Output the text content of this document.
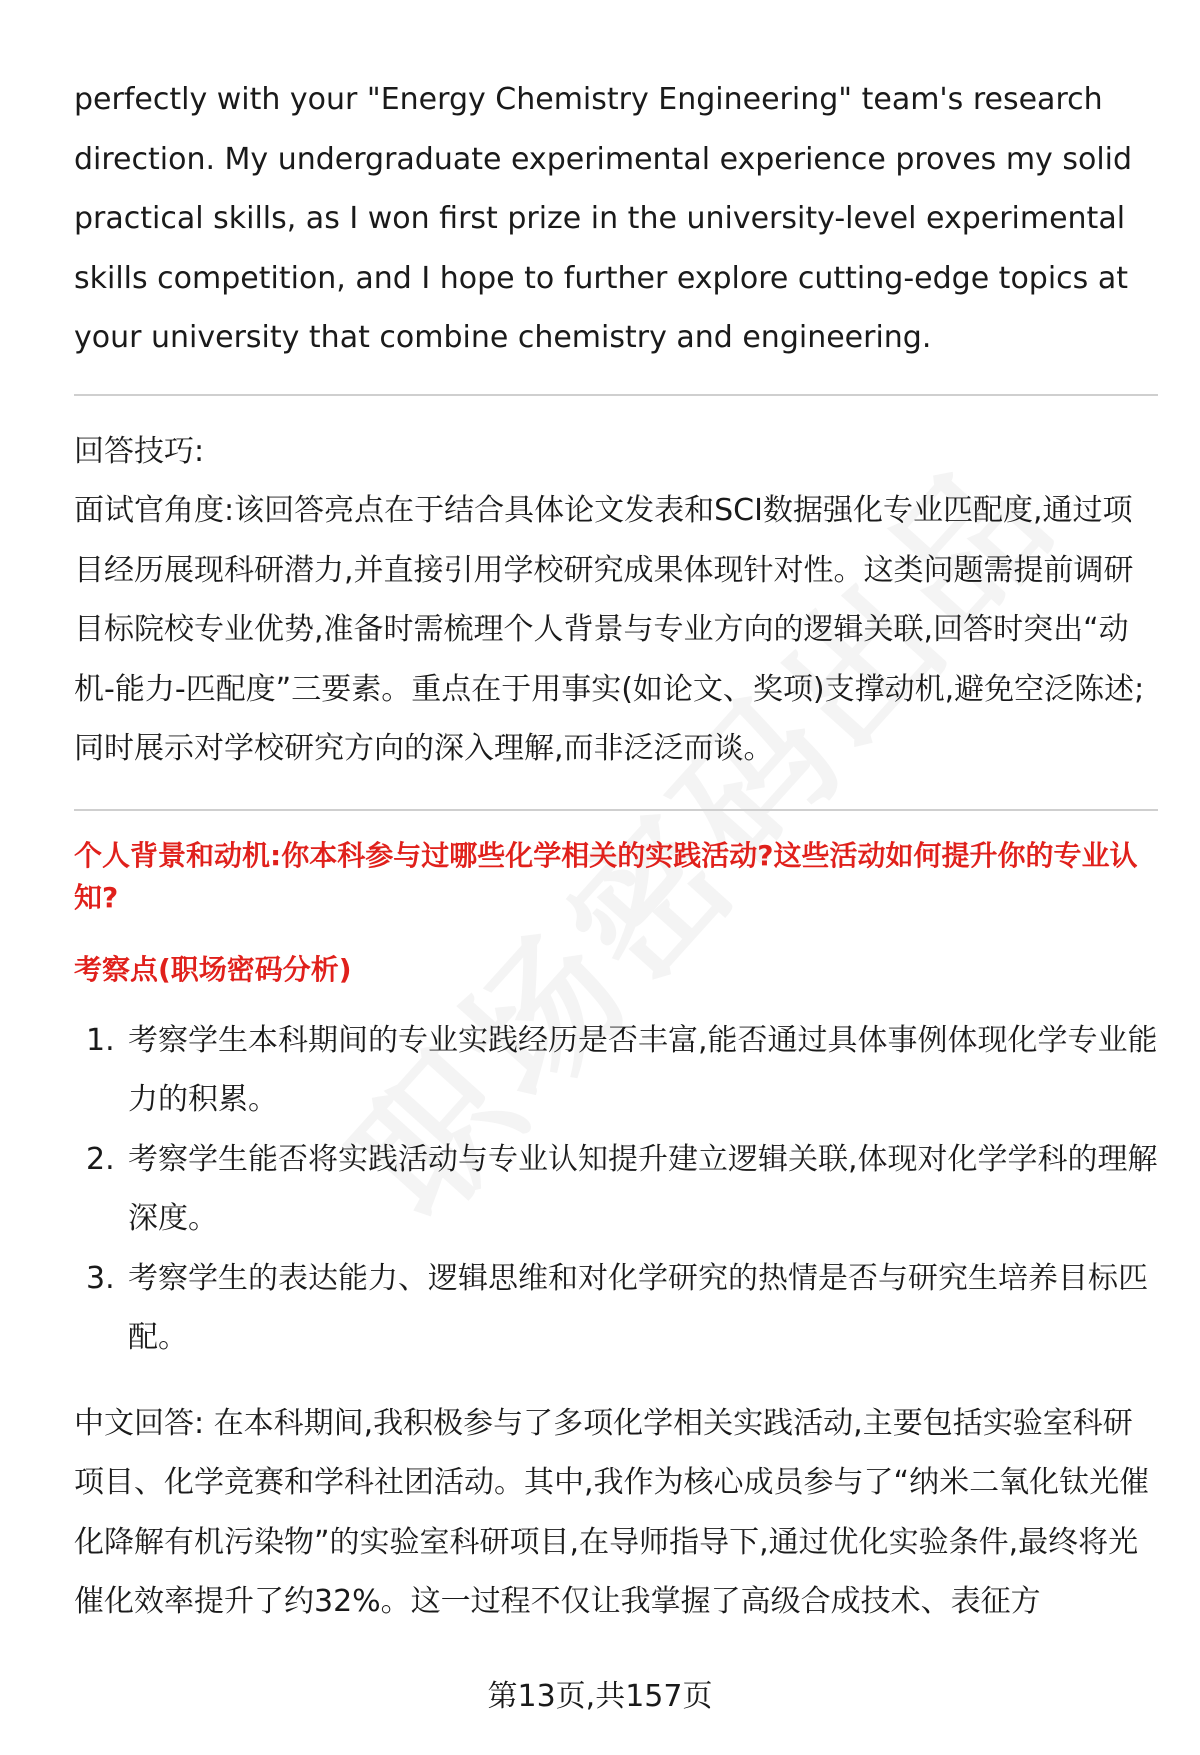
perfectly with your "Energy Chemistry Engineering" team's research direction. My undergraduate experimental experience proves my solid practical skills, as I won first prize in the university-level experimental skills competition, and I hope to further explore cutting-edge topics at your university that combine chemistry and engineering.

回答技巧:

面试官角度:该回答亮点在于结合具体论文发表和SCI数据强化专业匹配度,通过项目经历展现科研潜力,并直接引用学校研究成果体现针对性。这类问题需提前调研目标院校专业优势,准备时需梳理个人背景与专业方向的逻辑关联,回答时突出“动机-能力-匹配度”三要素。重点在于用事实(如论文、奖项)支撑动机,避免空泛陈述;同时展示对学校研究方向的深入理解,而非泛泛而谈。

个人背景和动机:你本科参与过哪些化学相关的实践活动?这些活动如何提升你的专业认知?

考察点(职场密码分析)

1. 考察学生本科期间的专业实践经历是否丰富,能否通过具体事例体现化学专业能力的积累。
2. 考察学生能否将实践活动与专业认知提升建立逻辑关联,体现对化学学科的理解深度。
3. 考察学生的表达能力、逻辑思维和对化学研究的热情是否与研究生培养目标匹配。

中文回答: 在本科期间,我积极参与了多项化学相关实践活动,主要包括实验室科研项目、化学竞赛和学科社团活动。其中,我作为核心成员参与了“纳米二氧化钛光催化降解有机污染物”的实验室科研项目,在导师指导下,通过优化实验条件,最终将光催化效率提升了约32%。这一过程不仅让我掌握了高级合成技术、表征方

第13页,共157页
